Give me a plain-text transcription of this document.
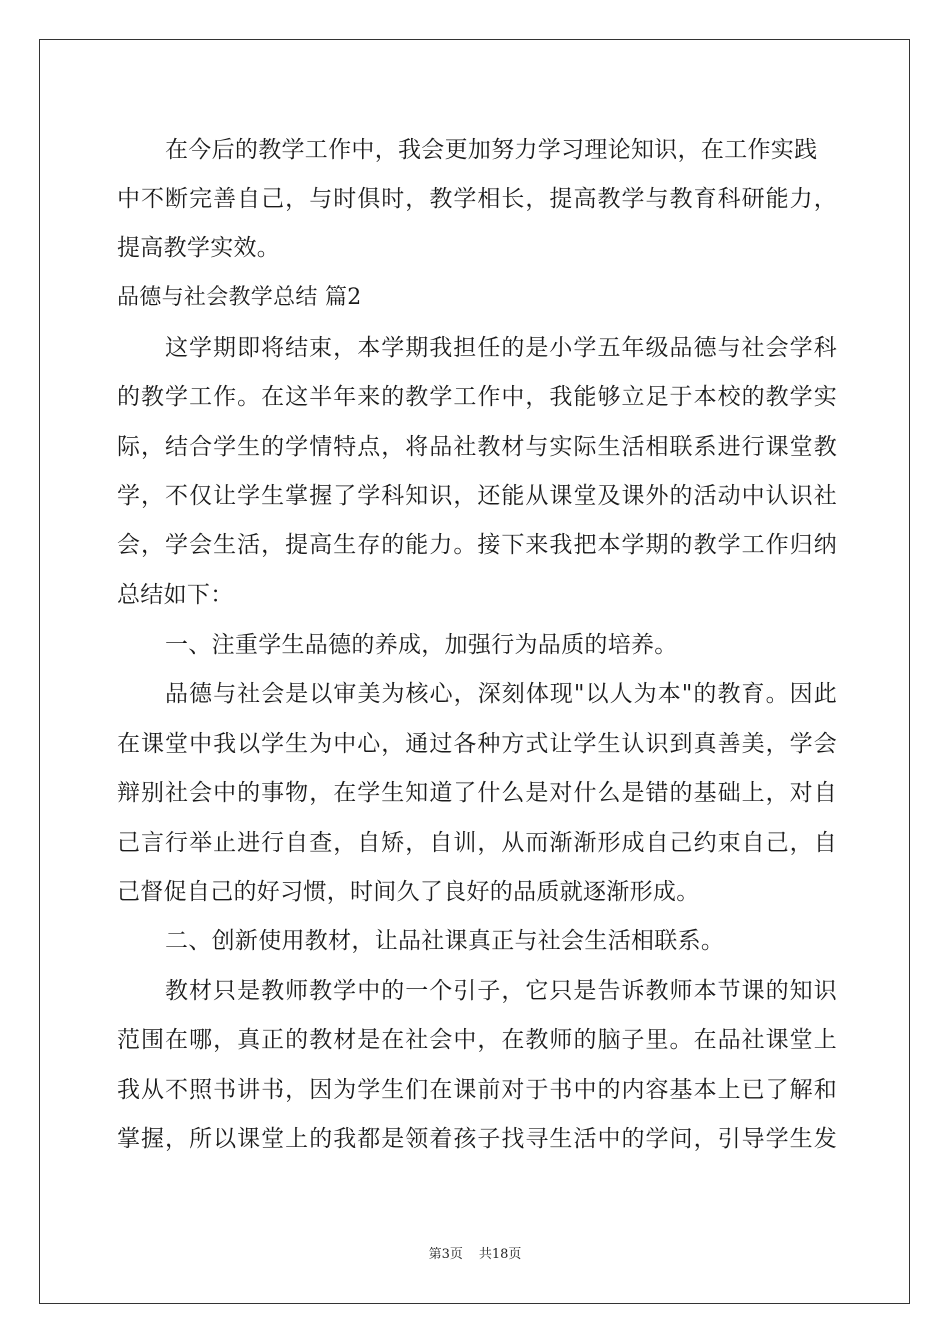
在今后的教学工作中，我会更加努力学习理论知识，在工作实践
中不断完善自己，与时俱时，教学相长，提高教学与教育科研能力，
提高教学实效。
品德与社会教学总结 篇2
这学期即将结束，本学期我担任的是小学五年级品德与社会学科
的教学工作。在这半年来的教学工作中，我能够立足于本校的教学实
际，结合学生的学情特点，将品社教材与实际生活相联系进行课堂教
学，不仅让学生掌握了学科知识，还能从课堂及课外的活动中认识社
会，学会生活，提高生存的能力。接下来我把本学期的教学工作归纳
总结如下：
一、注重学生品德的养成，加强行为品质的培养。
品德与社会是以审美为核心，深刻体现"以人为本"的教育。因此
在课堂中我以学生为中心，通过各种方式让学生认识到真善美，学会
辩别社会中的事物，在学生知道了什么是对什么是错的基础上，对自
己言行举止进行自查，自矫，自训，从而渐渐形成自己约束自己，自
己督促自己的好习惯，时间久了良好的品质就逐渐形成。
二、创新使用教材，让品社课真正与社会生活相联系。
教材只是教师教学中的一个引子，它只是告诉教师本节课的知识
范围在哪，真正的教材是在社会中，在教师的脑子里。在品社课堂上
我从不照书讲书，因为学生们在课前对于书中的内容基本上已了解和
掌握，所以课堂上的我都是领着孩子找寻生活中的学问，引导学生发
第3页 共18页
